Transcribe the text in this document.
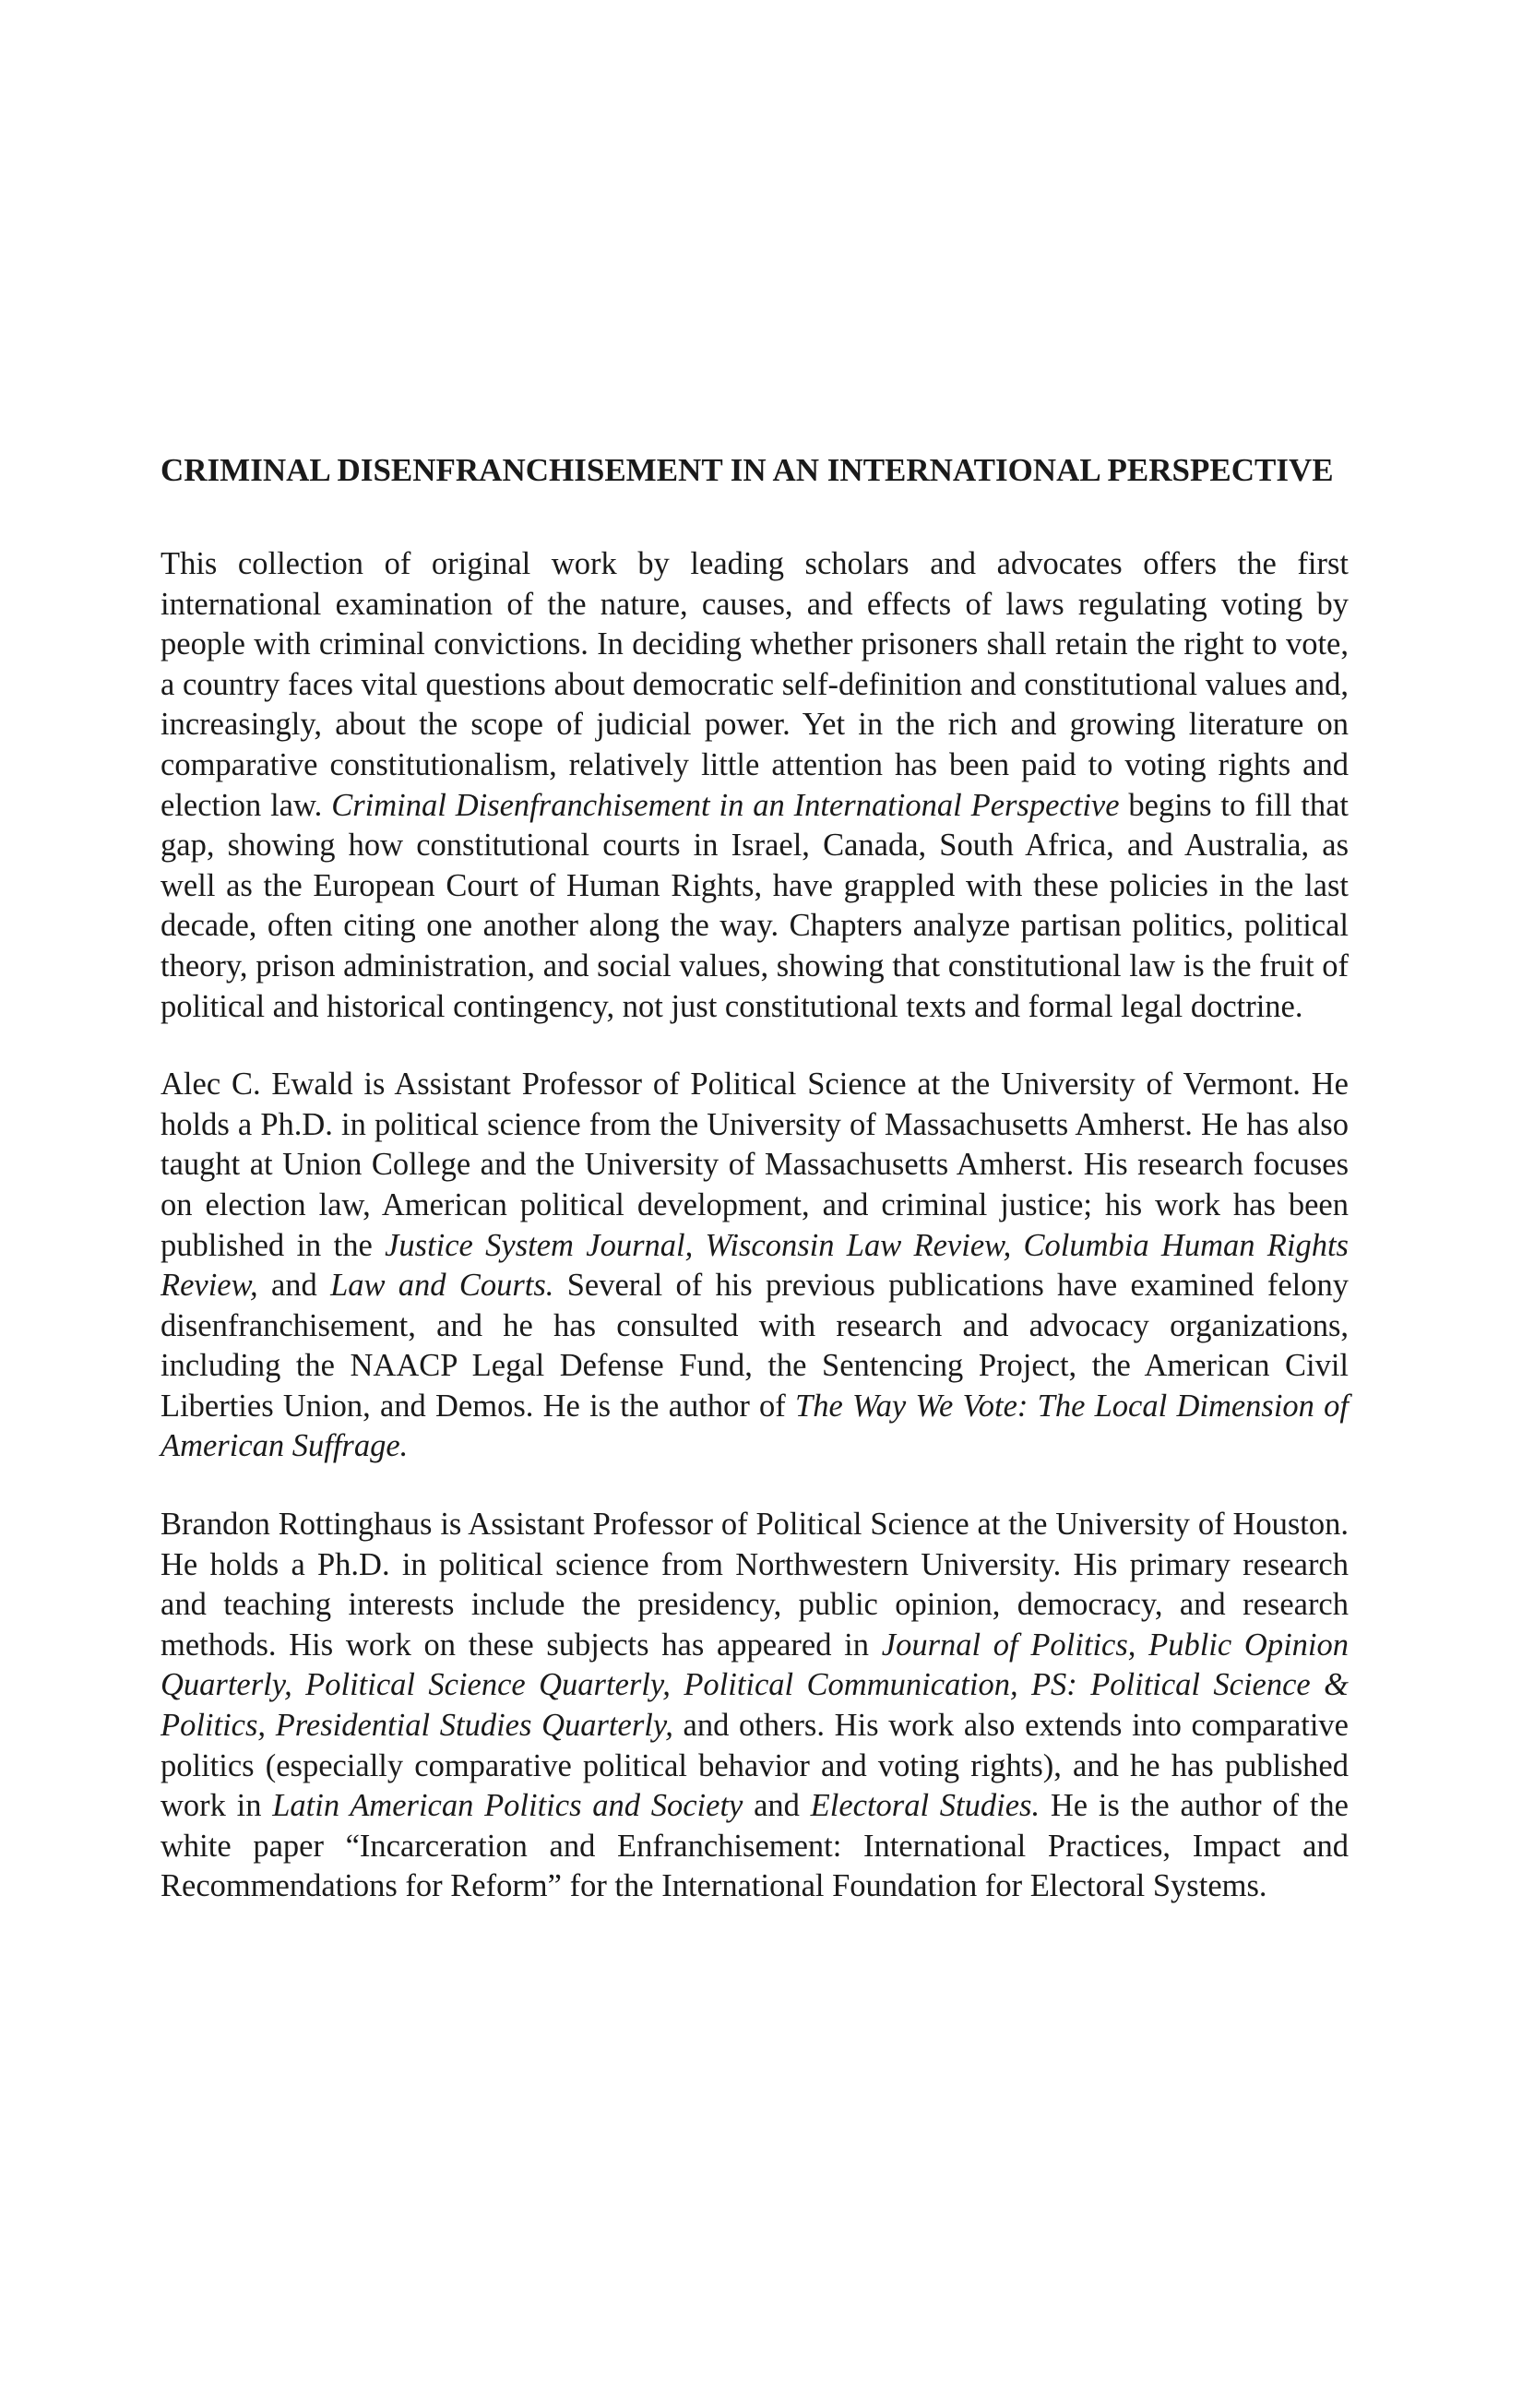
CRIMINAL DISENFRANCHISEMENT IN AN INTERNATIONAL PERSPECTIVE

This collection of original work by leading scholars and advocates offers the first international examination of the nature, causes, and effects of laws regulating voting by people with criminal convictions. In deciding whether prisoners shall retain the right to vote, a country faces vital questions about democratic self-definition and constitutional values and, increasingly, about the scope of judicial power. Yet in the rich and growing literature on comparative constitutionalism, relatively little attention has been paid to voting rights and election law. Criminal Disenfranchisement in an International Perspective begins to fill that gap, showing how constitutional courts in Israel, Canada, South Africa, and Australia, as well as the European Court of Human Rights, have grappled with these policies in the last decade, often citing one another along the way. Chapters analyze partisan politics, political theory, prison administration, and social values, showing that constitutional law is the fruit of political and historical contingency, not just constitutional texts and formal legal doctrine.

Alec C. Ewald is Assistant Professor of Political Science at the University of Vermont. He holds a Ph.D. in political science from the University of Massachusetts Amherst. He has also taught at Union College and the University of Massachusetts Amherst. His research focuses on election law, American political development, and criminal justice; his work has been published in the Justice System Journal, Wisconsin Law Review, Columbia Human Rights Review, and Law and Courts. Several of his previous publications have examined felony disenfranchisement, and he has consulted with research and advocacy organizations, including the NAACP Legal Defense Fund, the Sentencing Project, the American Civil Liberties Union, and Demos. He is the author of The Way We Vote: The Local Dimension of American Suffrage.

Brandon Rottinghaus is Assistant Professor of Political Science at the University of Houston. He holds a Ph.D. in political science from Northwestern University. His primary research and teaching interests include the presidency, public opinion, democracy, and research methods. His work on these subjects has appeared in Journal of Politics, Public Opinion Quarterly, Political Science Quarterly, Political Communication, PS: Political Science & Politics, Presidential Studies Quarterly, and others. His work also extends into comparative politics (especially comparative political behavior and voting rights), and he has published work in Latin American Politics and Society and Electoral Studies. He is the author of the white paper “Incarceration and Enfranchisement: International Practices, Impact and Recommendations for Reform” for the International Foundation for Electoral Systems.
